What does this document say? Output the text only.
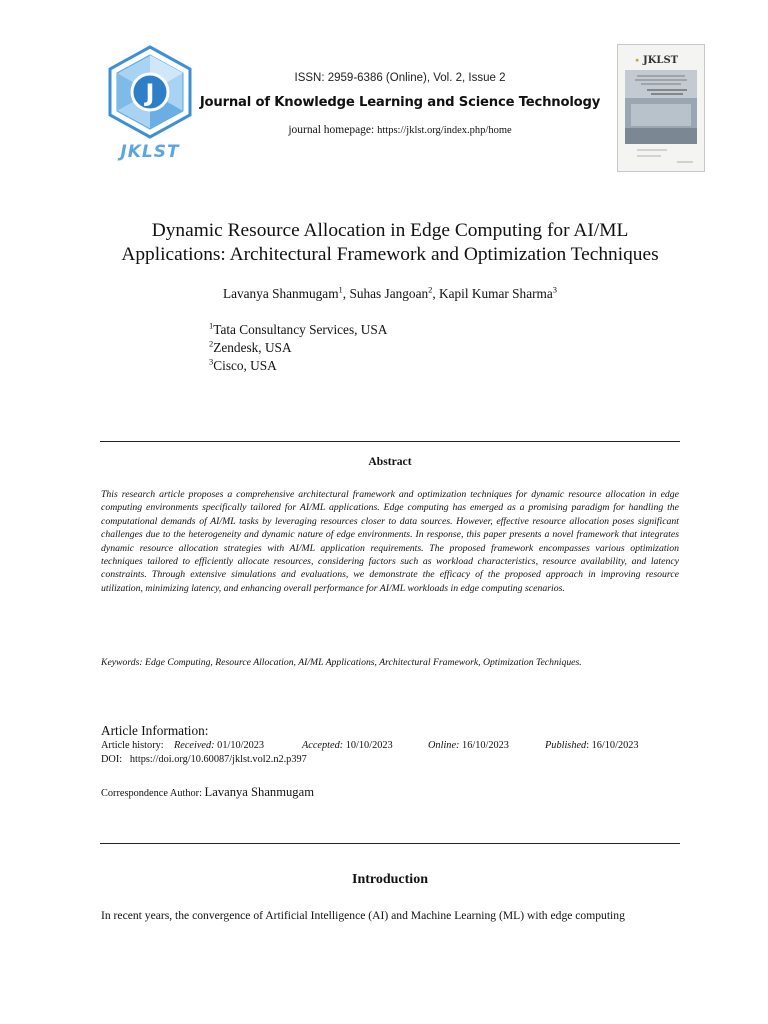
J
JKLST
✸ JKLST
ISSN: 2959-6386 (Online), Vol. 2, Issue 2
Journal of Knowledge Learning and Science Technology
journal homepage: https://jklst.org/index.php/home
Dynamic Resource Allocation in Edge Computing for AI/ML
Applications: Architectural Framework and Optimization Techniques
Lavanya Shanmugam$^1$, Suhas Jangoan$^2$, Kapil Kumar Sharma$^3$
$^1$Tata Consultancy Services, USA
$^2$Zendesk, USA
$^3$Cisco, USA
Abstract
This research article proposes a comprehensive architectural framework and optimization techniques for dynamic resource allocation in edge computing environments specifically tailored for AI/ML applications. Edge computing has emerged as a promising paradigm for handling the computational demands of AI/ML tasks by leveraging resources closer to data sources. However, effective resource allocation poses significant challenges due to the heterogeneity and dynamic nature of edge environments. In response, this paper presents a novel framework that integrates dynamic resource allocation strategies with AI/ML application requirements. The proposed framework encompasses various optimization techniques tailored to efficiently allocate resources, considering factors such as workload characteristics, resource availability, and latency constraints. Through extensive simulations and evaluations, we demonstrate the efficacy of the proposed approach in improving resource utilization, minimizing latency, and enhancing overall performance for AI/ML workloads in edge computing scenarios.
Keywords: Edge Computing, Resource Allocation, AI/ML Applications, Architectural Framework, Optimization Techniques.
Article Information:
Article history: Received: 01/10/2023	Accepted: 10/10/2023	Online: 16/10/2023	Published: 16/10/2023
DOI: https://doi.org/10.60087/jklst.vol2.n2.p397
Correspondence Author: Lavanya Shanmugam
Introduction
In recent years, the convergence of Artificial Intelligence (AI) and Machine Learning (ML) with edge computing
